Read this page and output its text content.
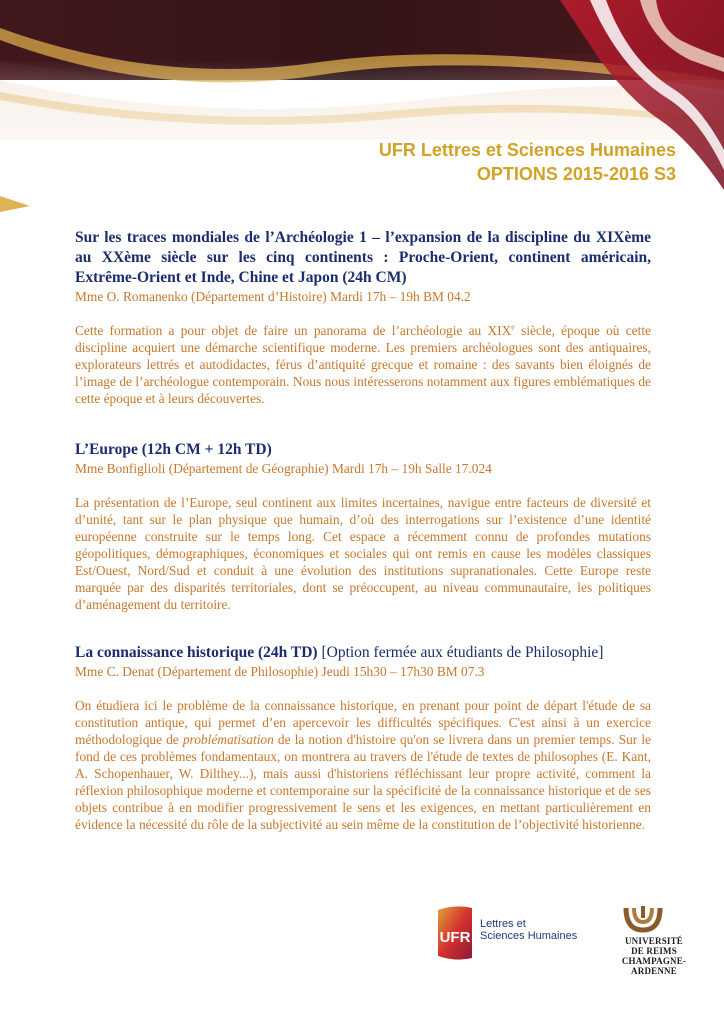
UFR Lettres et Sciences Humaines
OPTIONS 2015-2016 S3

Sur les traces mondiales de l’Archéologie 1 – l’expansion de la discipline du XIXème au XXème siècle sur les cinq continents : Proche-Orient, continent américain, Extrême-Orient et Inde, Chine et Japon (24h CM)

Mme O. Romanenko (Département d’Histoire) Mardi 17h – 19h BM 04.2

Cette formation a pour objet de faire un panorama de l’archéologie au XIXe siècle, époque où cette discipline acquiert une démarche scientifique moderne. Les premiers archéologues sont des antiquaires, explorateurs lettrés et autodidactes, férus d’antiquité grecque et romaine : des savants bien éloignés de l’image de l’archéologue contemporain. Nous nous intéresserons notamment aux figures emblématiques de cette époque et à leurs découvertes.

L’Europe (12h CM + 12h TD)

Mme Bonfiglioli (Département de Géographie) Mardi 17h – 19h Salle 17.024

La présentation de l’Europe, seul continent aux limites incertaines, navigue entre facteurs de diversité et d’unité, tant sur le plan physique que humain, d’où des interrogations sur l’existence d’une identité européenne construite sur le temps long. Cet espace a récemment connu de profondes mutations géopolitiques, démographiques, économiques et sociales qui ont remis en cause les modèles classiques Est/Ouest, Nord/Sud et conduit à une évolution des institutions supranationales. Cette Europe reste marquée par des disparités territoriales, dont se préoccupent, au niveau communautaire, les politiques d’aménagement du territoire.

La connaissance historique (24h TD) [Option fermée aux étudiants de Philosophie]

Mme C. Denat (Département de Philosophie) Jeudi 15h30 – 17h30 BM 07.3

On étudiera ici le problème de la connaissance historique, en prenant pour point de départ l'étude de sa constitution antique, qui permet d’en apercevoir les difficultés spécifiques. C'est ainsi à un exercice méthodologique de problématisation de la notion d'histoire qu'on se livrera dans un premier temps. Sur le fond de ces problèmes fondamentaux, on montrera au travers de l'étude de textes de philosophes (E. Kant, A. Schopenhauer, W. Dilthey...), mais aussi d'historiens réfléchissant leur propre activité, comment la réflexion philosophique moderne et contemporaine sur la spécificité de la connaissance historique et de ses objets contribue à en modifier progressivement le sens et les exigences, en mettant particulièrement en évidence la nécessité du rôle de la subjectivité au sein même de la constitution de l’objectivité historienne.

UFR
Lettres et
Sciences Humaines	UNIVERSITÉ
DE REIMS
CHAMPAGNE-ARDENNE
